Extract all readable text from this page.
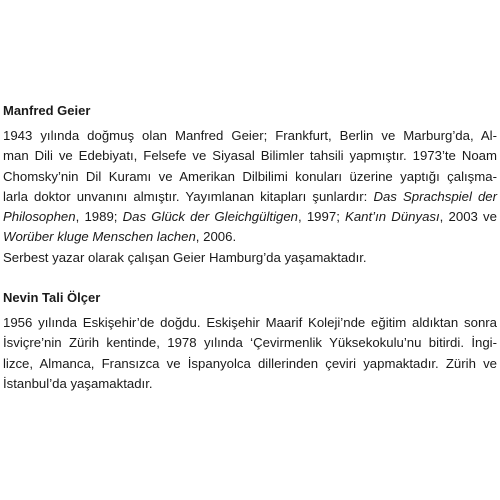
Manfred Geier
1943 yılında doğmuş olan Manfred Geier; Frankfurt, Berlin ve Marburg’da, Al-
man Dili ve Edebiyatı, Felsefe ve Siyasal Bilimler tahsili yapmıştır. 1973’te Noam
Chomsky’nin Dil Kuramı ve Amerikan Dilbilimi konuları üzerine yaptığı çalışma-
larla doktor unvanını almıştır. Yayımlanan kitapları şunlardır: Das Sprachspiel der
Philosophen, 1989; Das Glück der Gleichgültigen, 1997; Kant’ın Dünyası, 2003 ve
Worüber kluge Menschen lachen, 2006.
Serbest yazar olarak çalışan Geier Hamburg’da yaşamaktadır.
Nevin Tali Ölçer
1956 yılında Eskişehir’de doğdu. Eskişehir Maarif Koleji’nde eğitim aldıktan sonra
İsviçre’nin Zürih kentinde, 1978 yılında ‘Çevirmenlik Yüksekokulu’nu bitirdi. İngi-
lizce, Almanca, Fransızca ve İspanyolca dillerinden çeviri yapmaktadır. Zürih ve
İstanbul’da yaşamaktadır.
